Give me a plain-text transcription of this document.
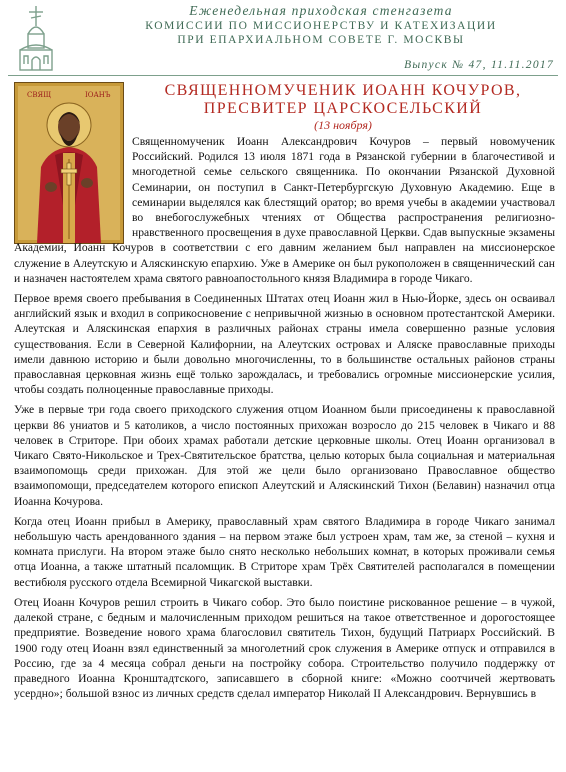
Еженедельная приходская стенгазета
КОМИССИИ ПО МИССИОНЕРСТВУ И КАТЕХИЗАЦИИ
ПРИ ЕПАРХИАЛЬНОМ СОВЕТЕ Г. МОСКВЫ
Выпуск № 47, 11.11.2017
СВЯЩ	ІОАНЪ	СВЯЩЕННОМУЧЕНИК ИОАНН КОЧУРОВ,
ПРЕСВИТЕР ЦАРСКОСЕЛЬСКИЙ
(13 ноября)

Священномученик Иоанн Александрович Кочуров – первый новомученик Российский. Родился 13 июля 1871 года в Рязанской губернии в благочестивой и многодетной семье сельского священника. По окончании Рязанской Духовной Семинарии, он поступил в Санкт-Петербургскую Духовную Академию. Еще в семинарии выделялся как блестящий оратор; во время учебы в академии участвовал во внебогослужебных чтениях от Общества распространения религиозно-нравственного просвещения в духе православной Церкви. Сдав выпускные экзамены Академии, Иоанн Кочуров в соответствии с его давним желанием был направлен на миссионерское служение в Алеутскую и Аляскинскую епархию. Уже в Америке он был рукоположен в священнический сан и назначен настоятелем храма святого равноапостольного князя Владимира в городе Чикаго.

Первое время своего пребывания в Соединенных Штатах отец Иоанн жил в Нью-Йорке, здесь он осваивал английский язык и входил в соприкосновение с непривычной жизнью в основном протестантской Америки. Алеутская и Аляскинская епархия в различных районах страны имела совершенно разные условия существования. Если в Северной Калифорнии, на Алеутских островах и Аляске православные приходы имели давнюю историю и были довольно многочисленны, то в большинстве остальных районов страны православная церковная жизнь ещё только зарождалась, и требовались огромные миссионерские усилия, чтобы создать полноценные православные приходы.

Уже в первые три года своего приходского служения отцом Иоанном были присоединены к православной церкви 86 униатов и 5 католиков, а число постоянных прихожан возросло до 215 человек в Чикаго и 88 человек в Стриторе. При обоих храмах работали детские церковные школы. Отец Иоанн организовал в Чикаго Свято-Никольское и Трех-Святительское братства, целью которых была социальная и материальная взаимопомощь среди прихожан. Для этой же цели было организовано Православное общество взаимопомощи, председателем которого епископ Алеутский и Аляскинский Тихон (Белавин) назначил отца Иоанна Кочурова.

Когда отец Иоанн прибыл в Америку, православный храм святого Владимира в городе Чикаго занимал небольшую часть арендованного здания – на первом этаже был устроен храм, там же, за стеной – кухня и комната прислуги. На втором этаже было снято несколько небольших комнат, в которых проживали семья отца Иоанна, а также штатный псаломщик. В Стриторе храм Трёх Святителей располагался в помещении вестибюля русского отдела Всемирной Чикагской выставки.

Отец Иоанн Кочуров решил строить в Чикаго собор. Это было поистине рискованное решение – в чужой, далекой стране, с бедным и малочисленным приходом решиться на такое ответственное и дорогостоящее предприятие. Возведение нового храма благословил святитель Тихон, будущий Патриарх Российский. В 1900 году отец Иоанн взял единственный за многолетний срок служения в Америке отпуск и отправился в Россию, где за 4 месяца собрал деньги на постройку собора. Строительство получило поддержку от праведного Иоанна Кронштадтского, записавшего в сборной книге: «Можно соотчичей жертвовать усердно»; большой взнос из личных средств сделал император Николай II Александрович. Вернувшись в
